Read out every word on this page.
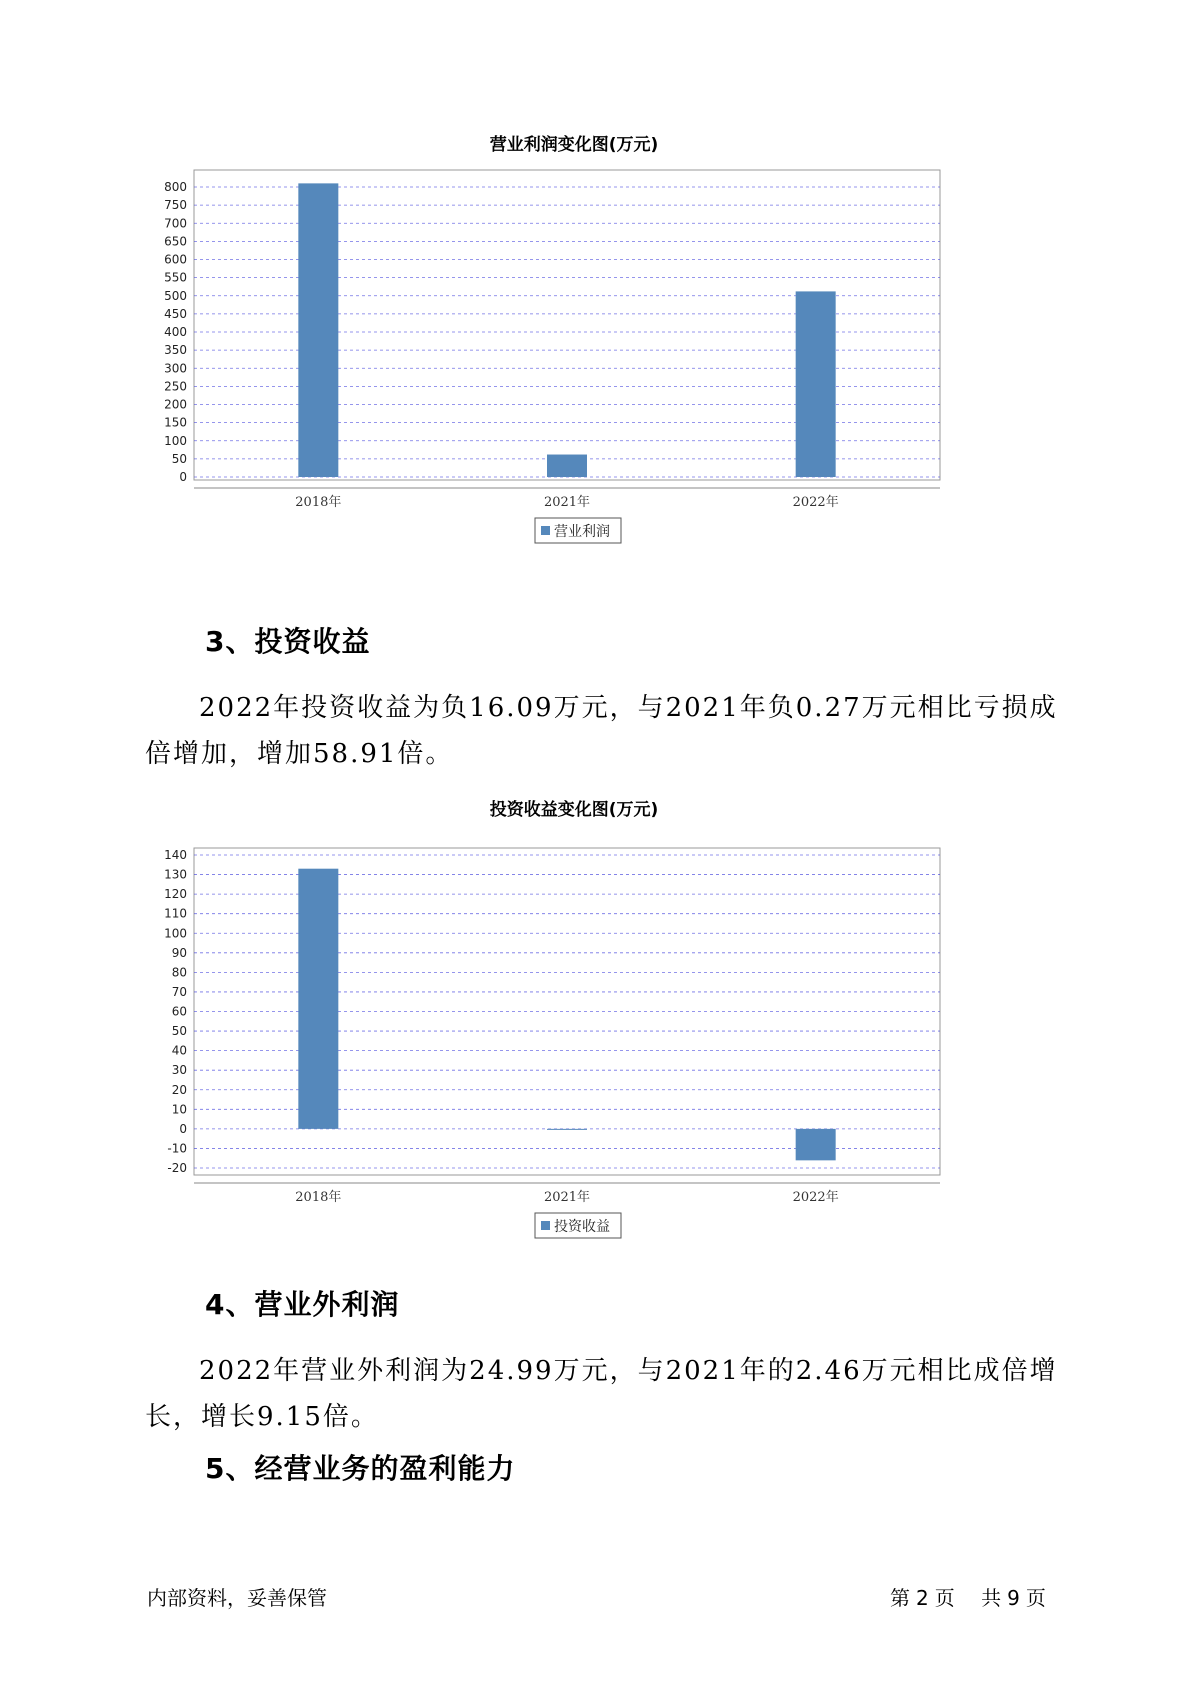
营业利润变化图(万元)
0
50
100
150
200
250
300
350
400
450
500
550
600
650
700
750
800
2018年	2021年	2022年
营业利润
3、投资收益
2022年投资收益为负16.09万元，与2021年负0.27万元相比亏损成倍增加，增加58.91倍。
投资收益变化图(万元)
-20
-10
0
10
20
30
40
50
60
70
80
90
100
110
120
130
140
2018年	2021年	2022年
投资收益
4、营业外利润
2022年营业外利润为24.99万元，与2021年的2.46万元相比成倍增长，增长9.15倍。
5、经营业务的盈利能力
内部资料，妥善保管	第 2 页 共 9 页
